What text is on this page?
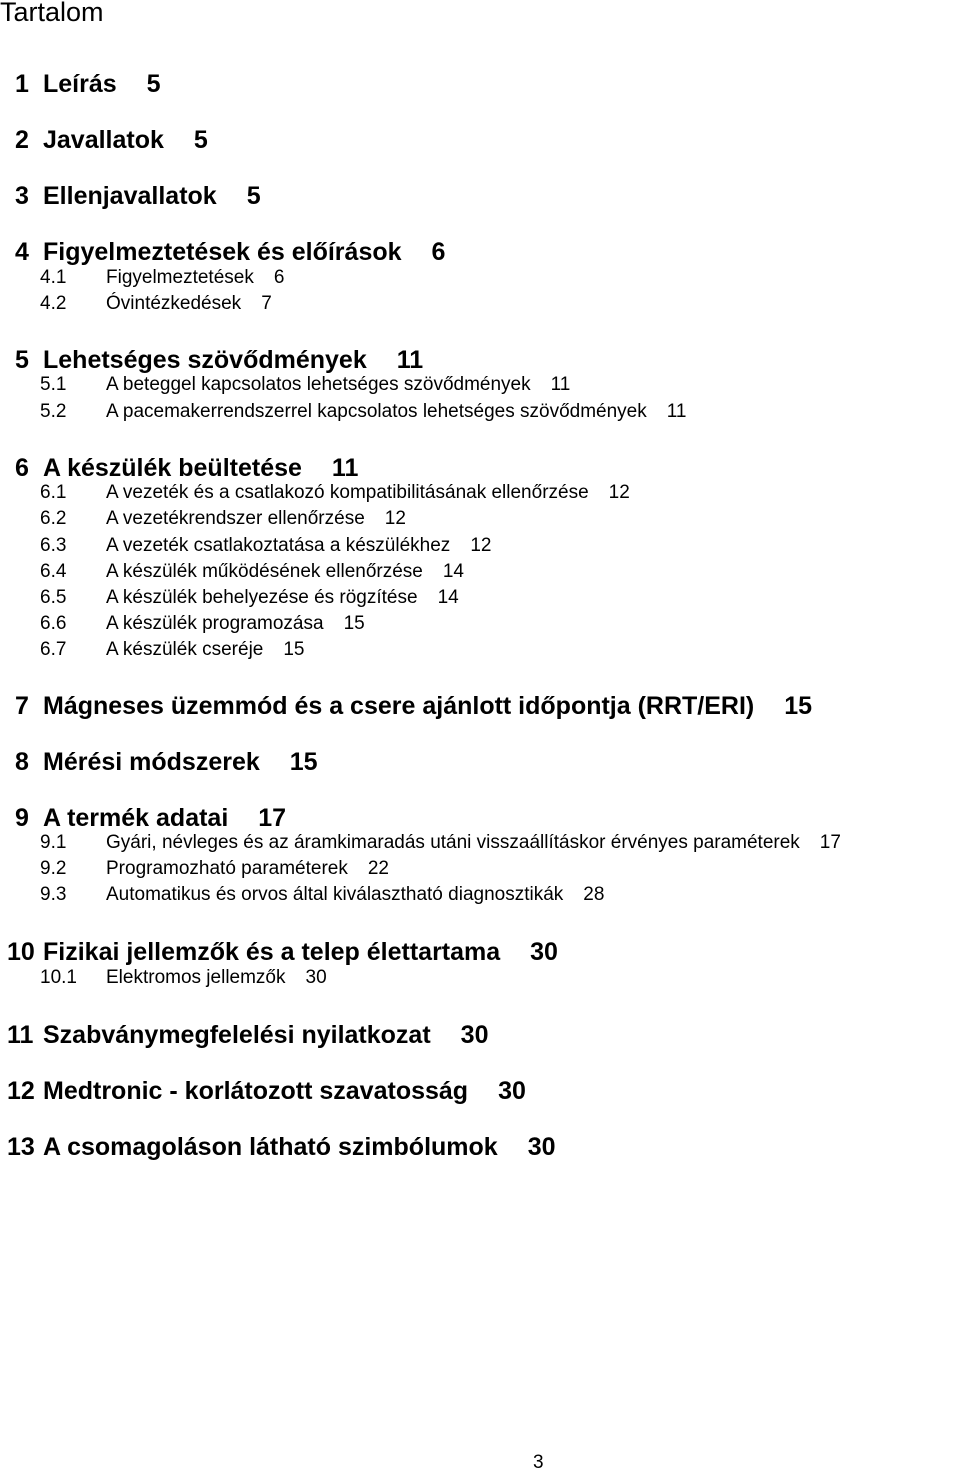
Tartalom
1 Leírás 5
2 Javallatok 5
3 Ellenjavallatok 5
4 Figyelmeztetések és előírások 6
4.1 Figyelmeztetések 6
4.2 Óvintézkedések 7
5 Lehetséges szövődmények 11
5.1 A beteggel kapcsolatos lehetséges szövődmények 11
5.2 A pacemakerrendszerrel kapcsolatos lehetséges szövődmények 11
6 A készülék beültetése 11
6.1 A vezeték és a csatlakozó kompatibilitásának ellenőrzése 12
6.2 A vezetékrendszer ellenőrzése 12
6.3 A vezeték csatlakoztatása a készülékhez 12
6.4 A készülék működésének ellenőrzése 14
6.5 A készülék behelyezése és rögzítése 14
6.6 A készülék programozása 15
6.7 A készülék cseréje 15
7 Mágneses üzemmód és a csere ajánlott időpontja (RRT/ERI) 15
8 Mérési módszerek 15
9 A termék adatai 17
9.1 Gyári, névleges és az áramkimaradás utáni visszaállításkor érvényes paraméterek 17
9.2 Programozható paraméterek 22
9.3 Automatikus és orvos által kiválasztható diagnosztikák 28
10 Fizikai jellemzők és a telep élettartama 30
10.1 Elektromos jellemzők 30
11 Szabványmegfelelési nyilatkozat 30
12 Medtronic - korlátozott szavatosság 30
13 A csomagoláson látható szimbólumok 30
3
